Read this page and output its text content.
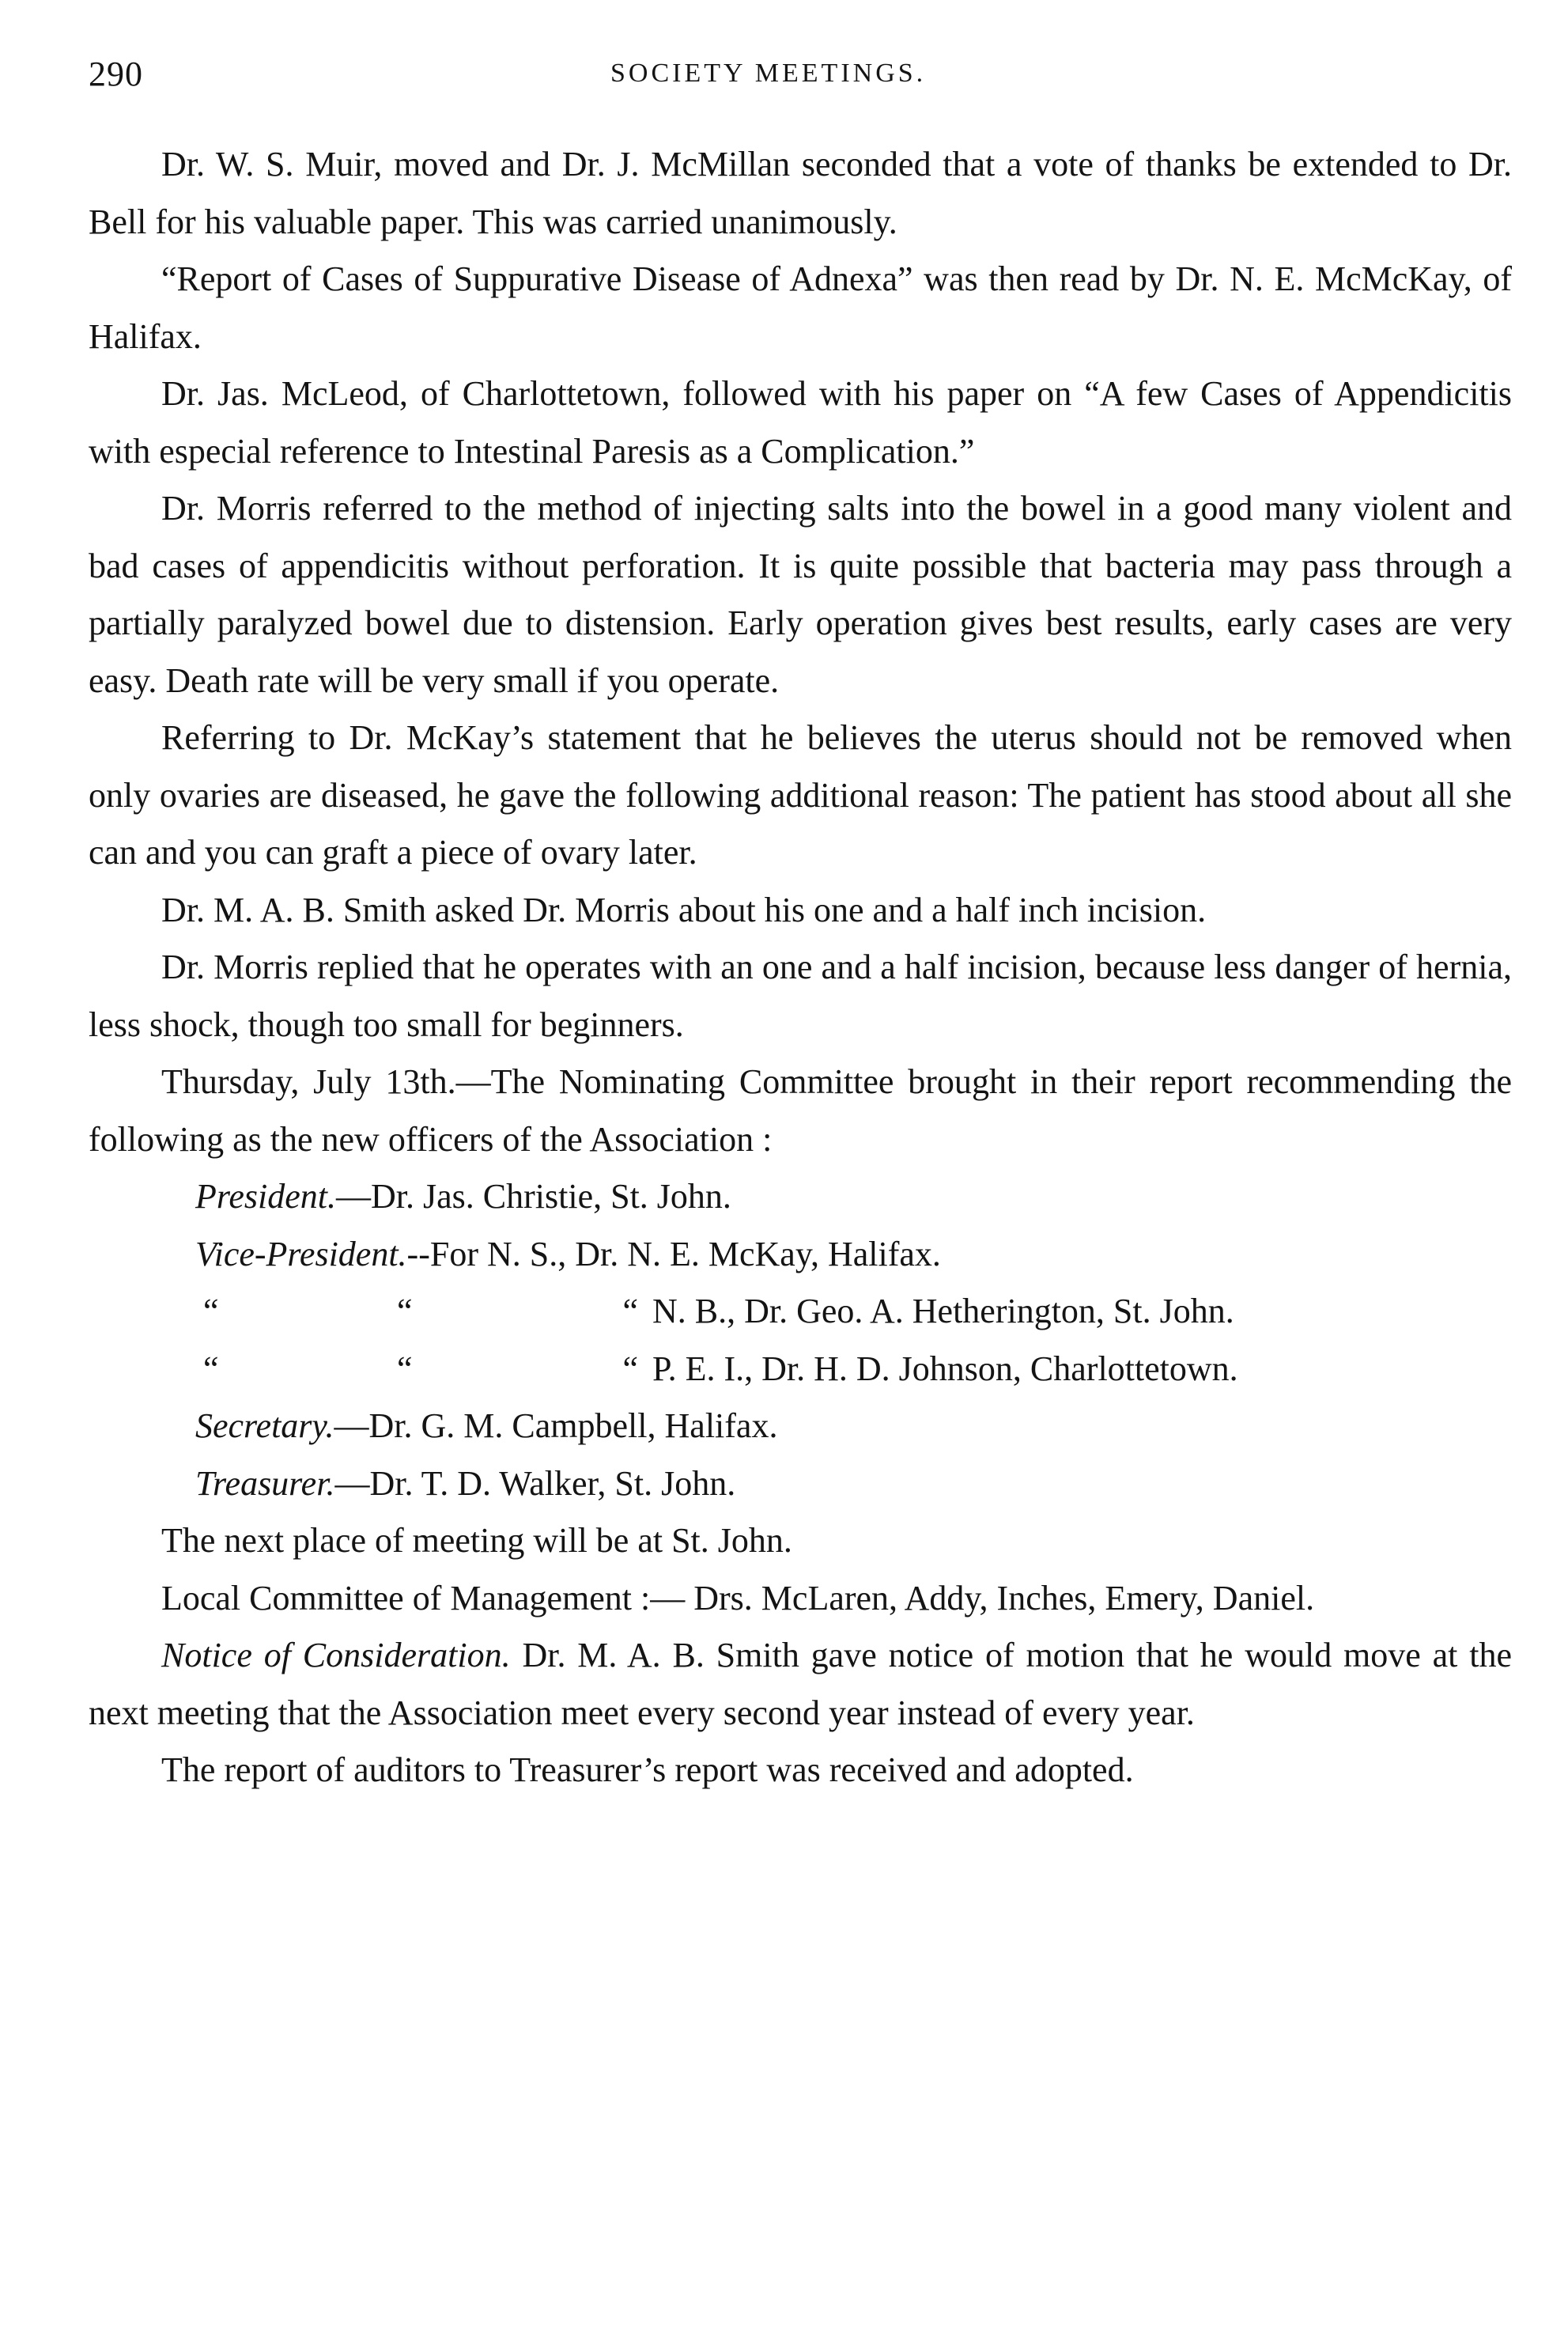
290	SOCIETY MEETINGS.

Dr. W. S. Muir, moved and Dr. J. McMillan seconded that a vote of thanks be extended to Dr. Bell for his valuable paper. This was carried unanimously.

“Report of Cases of Suppurative Disease of Adnexa” was then read by Dr. N. E. McMcKay, of Halifax.

Dr. Jas. McLeod, of Charlottetown, followed with his paper on “A few Cases of Appendicitis with especial reference to Intestinal Paresis as a Complication.”

Dr. Morris referred to the method of injecting salts into the bowel in a good many violent and bad cases of appendicitis without perforation. It is quite possible that bacteria may pass through a partially paralyzed bowel due to distension. Early operation gives best results, early cases are very easy. Death rate will be very small if you operate.

Referring to Dr. McKay’s statement that he believes the uterus should not be removed when only ovaries are diseased, he gave the following additional reason: The patient has stood about all she can and you can graft a piece of ovary later.

Dr. M. A. B. Smith asked Dr. Morris about his one and a half inch incision.

Dr. Morris replied that he operates with an one and a half incision, because less danger of hernia, less shock, though too small for beginners.

Thursday, July 13th.—The Nominating Committee brought in their report recommending the following as the new officers of the Association :

President.—Dr. Jas. Christie, St. John.
Vice-President.--For N. S., Dr. N. E. McKay, Halifax.
“	“	“ N. B., Dr. Geo. A. Hetherington, St. John.
“	“	“ P. E. I., Dr. H. D. Johnson, Charlottetown.
Secretary.—Dr. G. M. Campbell, Halifax.
Treasurer.—Dr. T. D. Walker, St. John.

The next place of meeting will be at St. John.

Local Committee of Management :— Drs. McLaren, Addy, Inches, Emery, Daniel.

Notice of Consideration. Dr. M. A. B. Smith gave notice of motion that he would move at the next meeting that the Association meet every second year instead of every year.

The report of auditors to Treasurer’s report was received and adopted.
